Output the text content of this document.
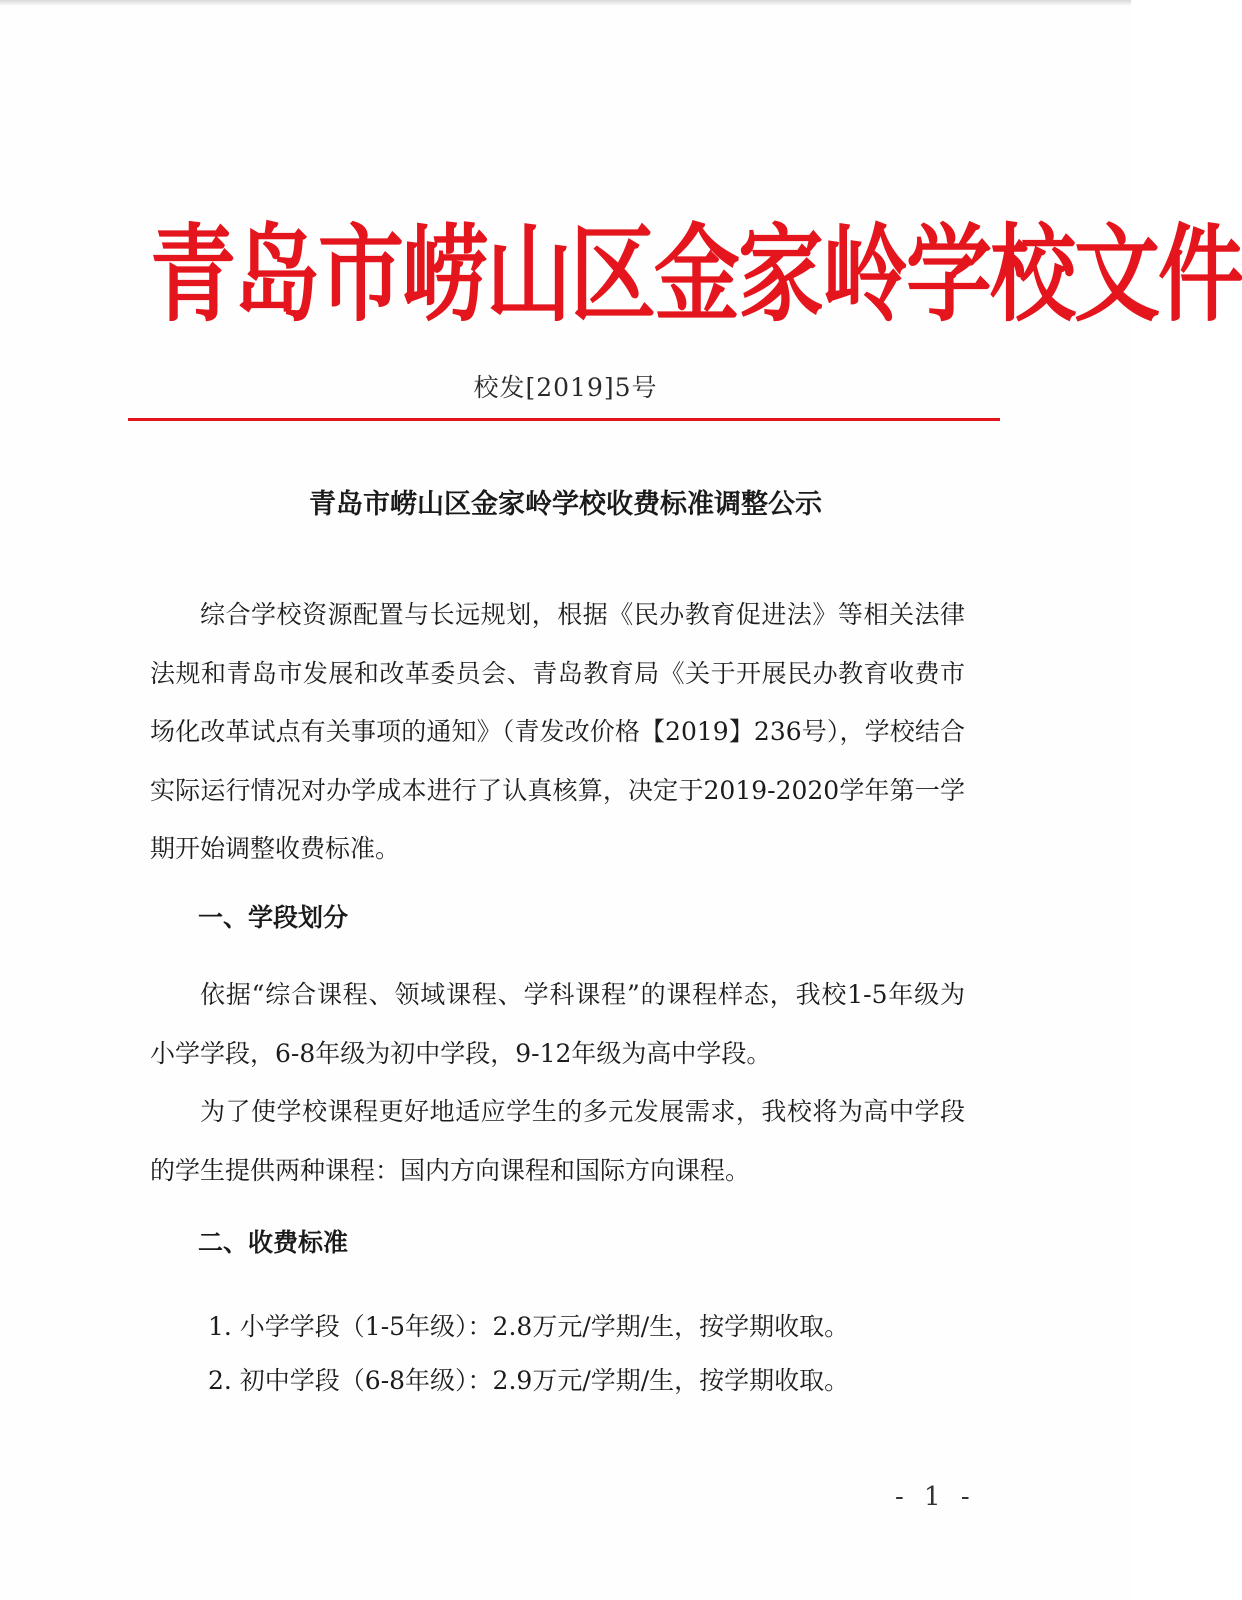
青岛市崂山区金家岭学校文件
校发[2019]5号
青岛市崂山区金家岭学校收费标准调整公示

综合学校资源配置与长远规划，根据《民办教育促进法》等相关法律法规和青岛市发展和改革委员会、青岛教育局《关于开展民办教育收费市场化改革试点有关事项的通知》（青发改价格【2019】236号），学校结合实际运行情况对办学成本进行了认真核算，决定于2019-2020学年第一学期开始调整收费标准。

一、学段划分

依据“综合课程、领域课程、学科课程”的课程样态，我校1-5年级为小学学段，6-8年级为初中学段，9-12年级为高中学段。

为了使学校课程更好地适应学生的多元发展需求，我校将为高中学段的学生提供两种课程：国内方向课程和国际方向课程。

二、收费标准
1. 小学学段（1-5年级）：2.8万元/学期/生，按学期收取。
2. 初中学段（6-8年级）：2.9万元/学期/生，按学期收取。
- 1 -
